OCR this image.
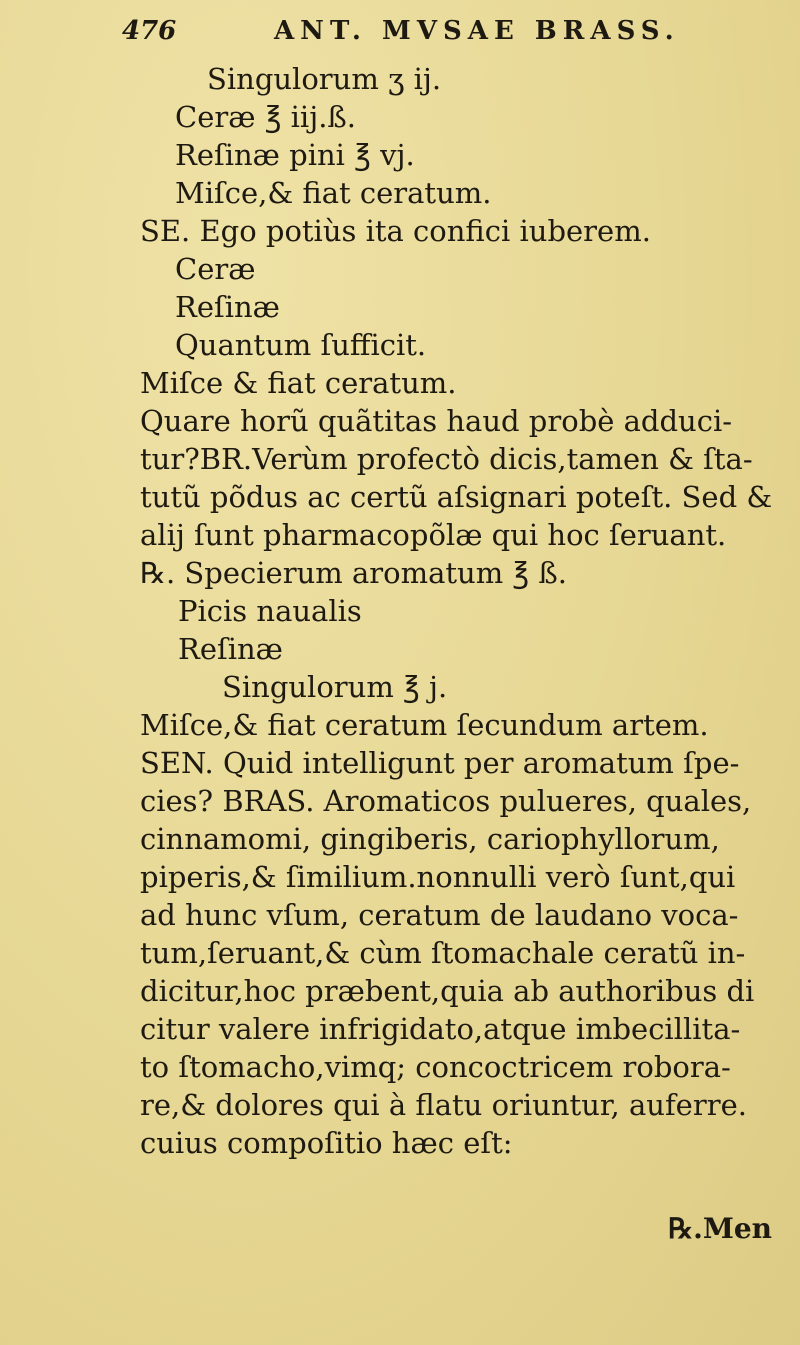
476	ANT. MVSAE BRASS.
Singulorum ʒ ij.
Ceræ ℥ iij.ß.
Reſinæ pini ℥ vj.
Miſce,& fiat ceratum.
SE. Ego potiùs ita confici iuberem.
Ceræ
Reſinæ
Quantum ſufficit.
Miſce & fiat ceratum.
Quare horũ quãtitas haud probè adduci-
tur?BR.Verùm profectò dicis,tamen & ſta-
tutũ põdus ac certũ aſsignari poteſt. Sed &
alij ſunt pharmacopõlæ qui hoc ſeruant.
℞. Specierum aromatum ℥ ß.
Picis naualis
Reſinæ
Singulorum ℥ j.
Miſce,& fiat ceratum ſecundum artem.
SEN. Quid intelligunt per aromatum ſpe-
cies? BRAS. Aromaticos pulueres, quales,
cinnamomi, gingiberis, cariophyllorum,
piperis,& ſimilium.nonnulli verò ſunt,qui
ad hunc vſum, ceratum de laudano voca-
tum,ſeruant,& cùm ſtomachale ceratũ in-
dicitur,hoc præbent,quia ab authoribus di
citur valere infrigidato,atque imbecillita-
to ſtomacho,vimq; concoctricem robora-
re,& dolores qui à flatu oriuntur, auferre.
cuius compoſitio hæc eſt:
℞.Men
